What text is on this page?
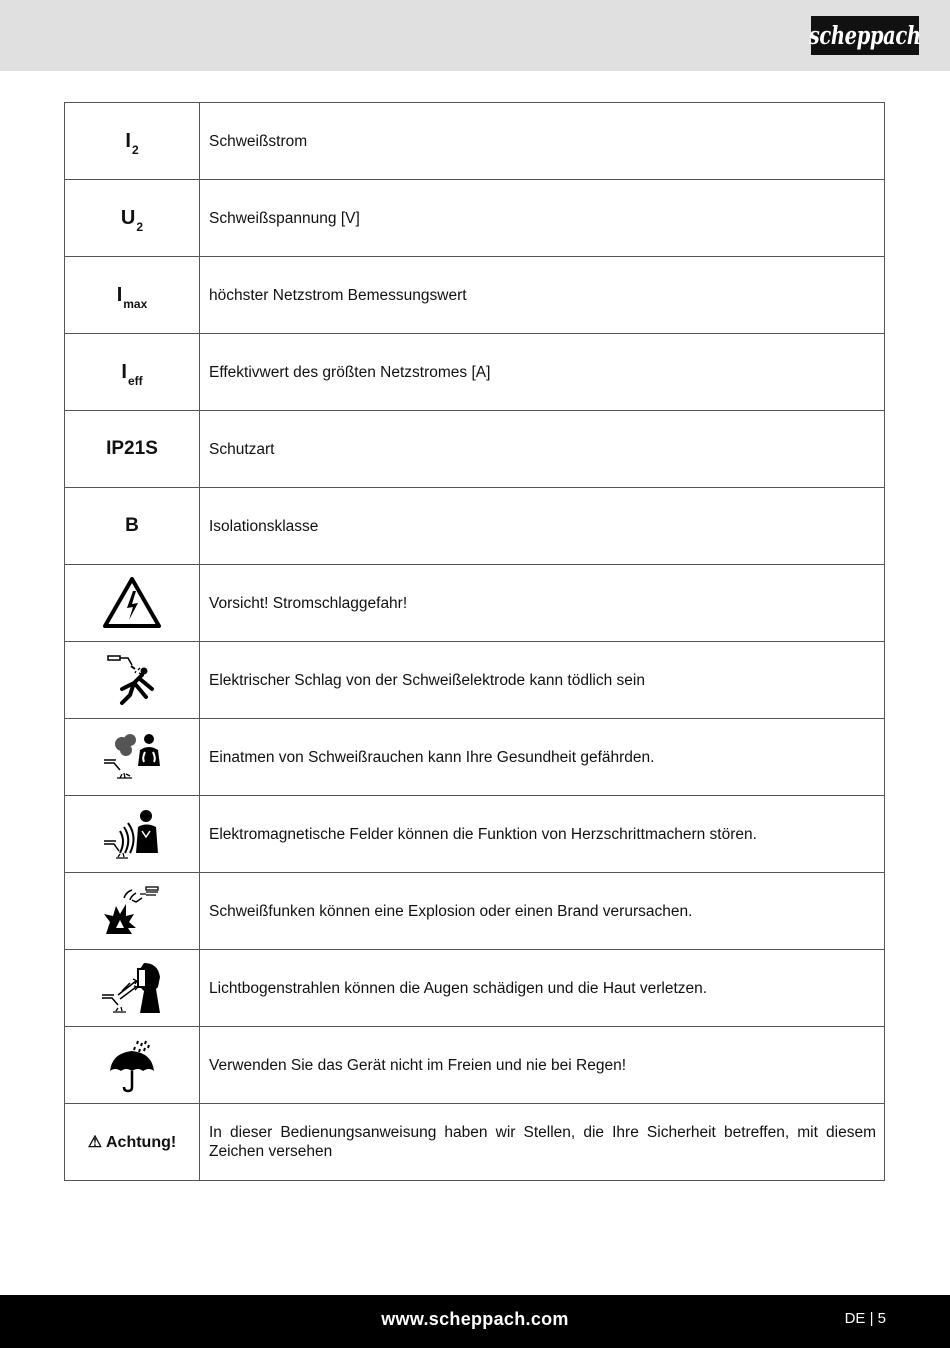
scheppach
$I_2$	Schweißstrom
$U_2$	Schweißspannung [V]
$I_{max}$	höchster Netzstrom Bemessungswert
$I_{eff}$	Effektivwert des größten Netzstromes [A]
IP21S	Schutzart
B	Isolationsklasse

	Vorsicht! Stromschlaggefahr!

	Elektrischer Schlag von der Schweißelektrode kann tödlich sein

	Einatmen von Schweißrauchen kann Ihre Gesundheit gefährden.

	Elektromagnetische Felder können die Funktion von Herzschrittmachern stören.

	Schweißfunken können eine Explosion oder einen Brand verursachen.

	Lichtbogenstrahlen können die Augen schädigen und die Haut verletzen.

	Verwenden Sie das Gerät nicht im Freien und nie bei Regen!
⚠ Achtung!	In dieser Bedienungsanweisung haben wir Stellen, die Ihre Sicherheit betreffen, mit diesem Zeichen versehen
www.scheppach.com	DE | 5
